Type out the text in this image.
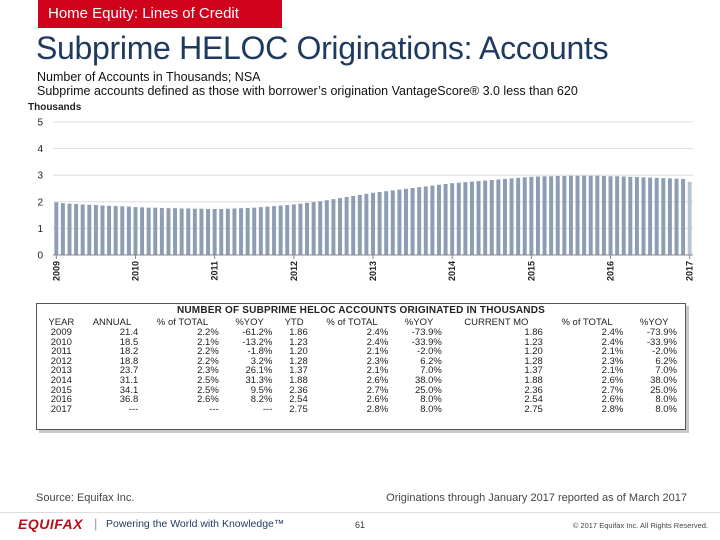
Home Equity: Lines of Credit
Subprime HELOC Originations: Accounts
Number of Accounts in Thousands; NSA
Subprime accounts defined as those with borrower’s origination VantageScore® 3.0 less than 620
Thousands
0
1
2
3
4
5
2009	2010	2011	2012	2013	2014	2015	2016	2017
NUMBER OF SUBPRIME HELOC ACCOUNTS ORIGINATED IN THOUSANDS
YEAR	ANNUAL	% of TOTAL	%YOY	YTD	% of TOTAL	%YOY	CURRENT MO	% of TOTAL	%YOY
2009	21.4	2.2%	-61.2%	1.86	2.4%	-73.9%	1.86	2.4%	-73.9%
2010	18.5	2.1%	-13.2%	1.23	2.4%	-33.9%	1.23	2.4%	-33.9%
2011	18.2	2.2%	-1.8%	1.20	2.1%	-2.0%	1.20	2.1%	-2.0%
2012	18.8	2.2%	3.2%	1.28	2.3%	6.2%	1.28	2.3%	6.2%
2013	23.7	2.3%	26.1%	1.37	2.1%	7.0%	1.37	2.1%	7.0%
2014	31.1	2.5%	31.3%	1.88	2.6%	38.0%	1.88	2.6%	38.0%
2015	34.1	2.5%	9.5%	2.36	2.7%	25.0%	2.36	2.7%	25.0%
2016	36.8	2.6%	8.2%	2.54	2.6%	8.0%	2.54	2.6%	8.0%
2017	---	---	---	2.75	2.8%	8.0%	2.75	2.8%	8.0%
Source: Equifax Inc.	Originations through January 2017 reported as of March 2017
EQUIFAX | Powering the World with Knowledge™	61	© 2017 Equifax Inc. All Rights Reserved.
